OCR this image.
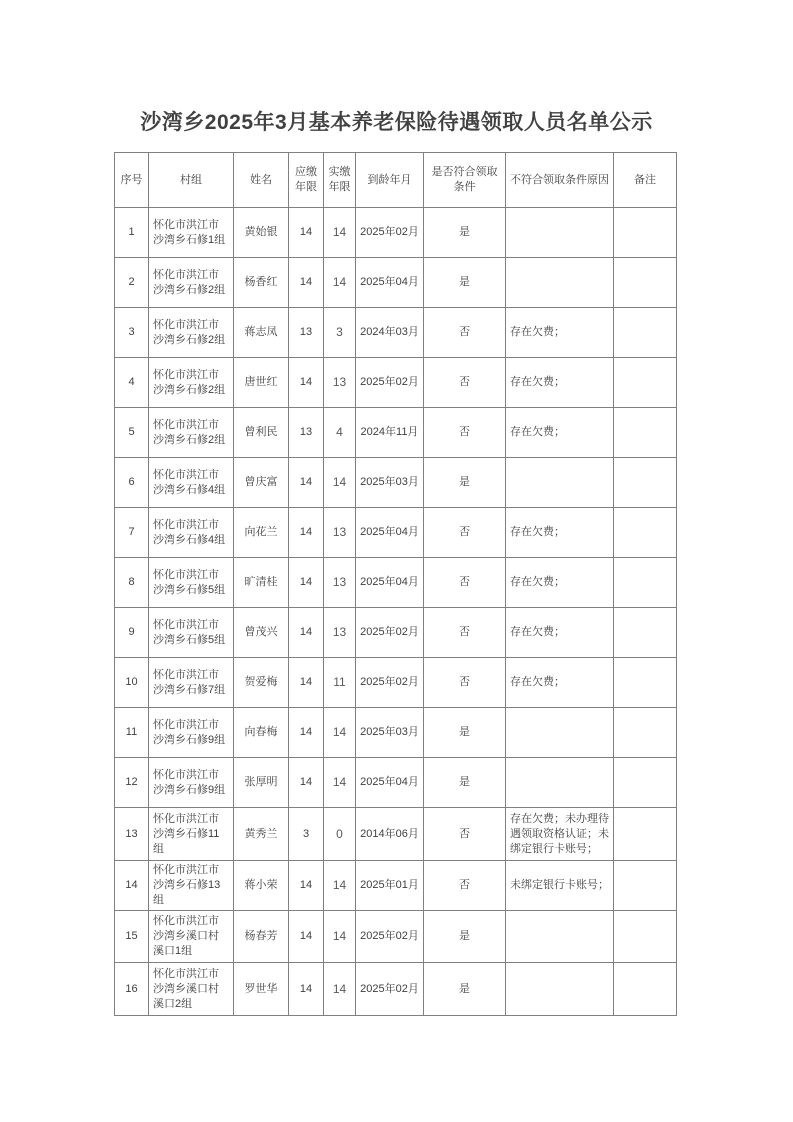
沙湾乡2025年3月基本养老保险待遇领取人员名单公示
序号	村组	姓名	应缴年限	实缴年限	到龄年月	是否符合领取条件	不符合领取条件原因	备注

1	怀化市洪江市沙湾乡石修1组	黄始银	14	14	2025年02月	是		

2	怀化市洪江市沙湾乡石修2组	杨香红	14	14	2025年04月	是		

3	怀化市洪江市沙湾乡石修2组	蒋志凤	13	3	2024年03月	否	存在欠费；	

4	怀化市洪江市沙湾乡石修2组	唐世红	14	13	2025年02月	否	存在欠费；	

5	怀化市洪江市沙湾乡石修2组	曾利民	13	4	2024年11月	否	存在欠费；	

6	怀化市洪江市沙湾乡石修4组	曾庆富	14	14	2025年03月	是		

7	怀化市洪江市沙湾乡石修4组	向花兰	14	13	2025年04月	否	存在欠费；	

8	怀化市洪江市沙湾乡石修5组	旷清桂	14	13	2025年04月	否	存在欠费；	

9	怀化市洪江市沙湾乡石修5组	曾茂兴	14	13	2025年02月	否	存在欠费；	

10	怀化市洪江市沙湾乡石修7组	贺爱梅	14	11	2025年02月	否	存在欠费；	

11	怀化市洪江市沙湾乡石修9组	向春梅	14	14	2025年03月	是		

12	怀化市洪江市沙湾乡石修9组	张厚明	14	14	2025年04月	是		

13	怀化市洪江市沙湾乡石修11组	黄秀兰	3	0	2014年06月	否	存在欠费；未办理待遇领取资格认证；未绑定银行卡账号；	

14	怀化市洪江市沙湾乡石修13组	蒋小荣	14	14	2025年01月	否	未绑定银行卡账号；	

15	怀化市洪江市沙湾乡溪口村溪口1组	杨春芳	14	14	2025年02月	是		

16	怀化市洪江市沙湾乡溪口村溪口2组	罗世华	14	14	2025年02月	是		
